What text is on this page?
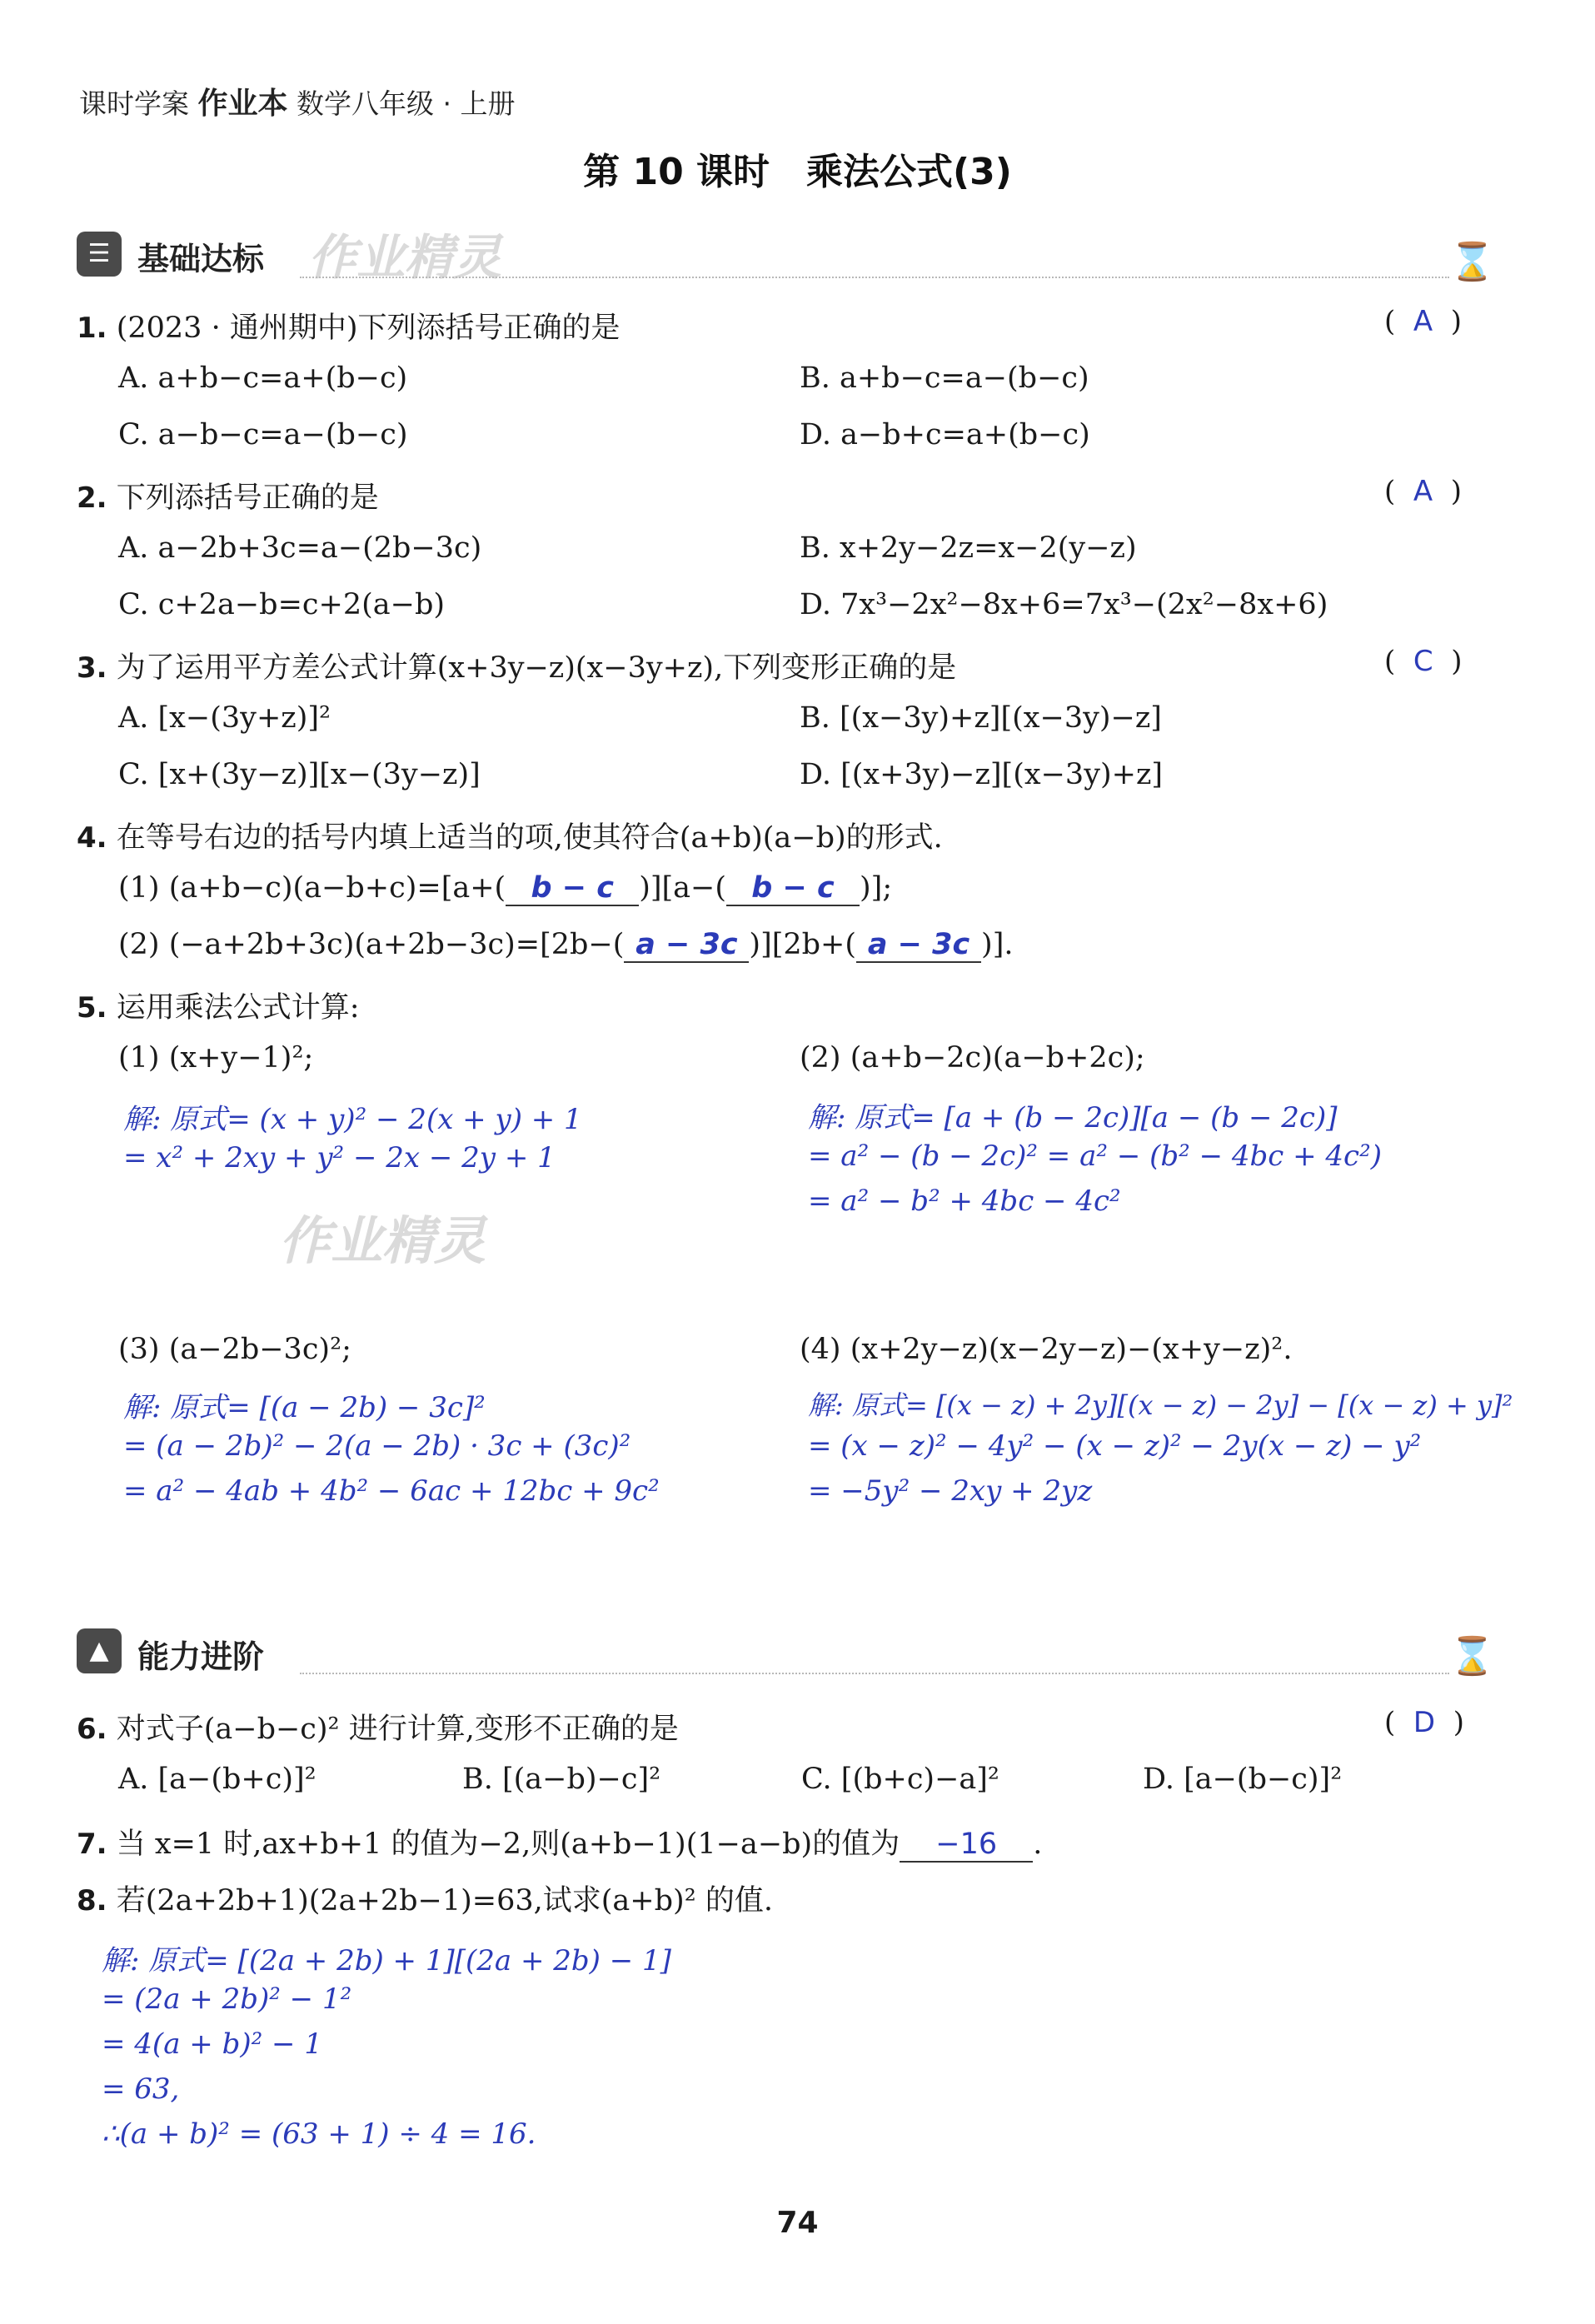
课时学案 作业本 数学八年级 · 上册
第 10 课时　乘法公式(3)
☰ 基础达标 作业精灵	⌛
1. (2023 · 通州期中)下列添括号正确的是	(  A  )
A. a+b−c=a+(b−c)	B. a+b−c=a−(b−c)
C. a−b−c=a−(b−c)	D. a−b+c=a+(b−c)
2. 下列添括号正确的是	(  A  )
A. a−2b+3c=a−(2b−3c)	B. x+2y−2z=x−2(y−z)
C. c+2a−b=c+2(a−b)	D. 7x³−2x²−8x+6=7x³−(2x²−8x+6)
3. 为了运用平方差公式计算(x+3y−z)(x−3y+z),下列变形正确的是	(  C  )
A. [x−(3y+z)]²	B. [(x−3y)+z][(x−3y)−z]
C. [x+(3y−z)][x−(3y−z)]	D. [(x+3y)−z][(x−3y)+z]
4. 在等号右边的括号内填上适当的项,使其符合(a+b)(a−b)的形式.
(1) (a+b−c)(a−b+c)=[a+( b − c )][a−( b − c )];
(2) (−a+2b+3c)(a+2b−3c)=[2b−( a − 3c )][2b+( a − 3c )].
5. 运用乘法公式计算:
(1) (x+y−1)²;
解: 原式= (x + y)² − 2(x + y) + 1
= x² + 2xy + y² − 2x − 2y + 1
(2) (a+b−2c)(a−b+2c);
解: 原式= [a + (b − 2c)][a − (b − 2c)]
= a² − (b − 2c)² = a² − (b² − 4bc + 4c²)
= a² − b² + 4bc − 4c²
作业精灵
(3) (a−2b−3c)²;
解: 原式= [(a − 2b) − 3c]²
= (a − 2b)² − 2(a − 2b) · 3c + (3c)²
= a² − 4ab + 4b² − 6ac + 12bc + 9c²
(4) (x+2y−z)(x−2y−z)−(x+y−z)².
解: 原式= [(x − z) + 2y][(x − z) − 2y] − [(x − z) + y]²
= (x − z)² − 4y² − (x − z)² − 2y(x − z) − y²
= −5y² − 2xy + 2yz
▲ 能力进阶	⌛
6. 对式子(a−b−c)² 进行计算,变形不正确的是	(  D  )
A. [a−(b+c)]²	B. [(a−b)−c]²	C. [(b+c)−a]²	D. [a−(b−c)]²
7. 当 x=1 时,ax+b+1 的值为−2,则(a+b−1)(1−a−b)的值为 −16 .
8. 若(2a+2b+1)(2a+2b−1)=63,试求(a+b)² 的值.
解: 原式= [(2a + 2b) + 1][(2a + 2b) − 1]
= (2a + 2b)² − 1²
= 4(a + b)² − 1
= 63,
∴(a + b)² = (63 + 1) ÷ 4 = 16.
74
